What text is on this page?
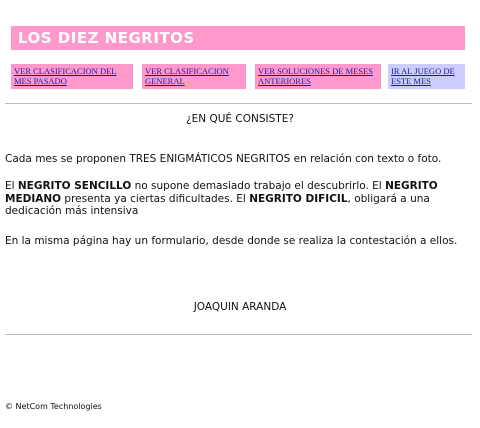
LOS DIEZ NEGRITOS
VER CLASIFICACION DEL MES PASADO
VER CLASIFICACION GENERAL
VER SOLUCIONES DE MESES ANTERIORES
IR AL JUEGO DE ESTE MES
¿EN QUÉ CONSISTE?
Cada mes se proponen TRES ENIGMÁTICOS NEGRITOS en relación con texto o foto.
El NEGRITO SENCILLO no supone demasiado trabajo el descubrirlo. El NEGRITO MEDIANO presenta ya ciertas dificultades. El NEGRITO DIFICIL, obligará a una dedicación más intensiva
En la misma página hay un formulario, desde donde se realiza la contestación a ellos.
JOAQUIN ARANDA
© NetCom Technologies
